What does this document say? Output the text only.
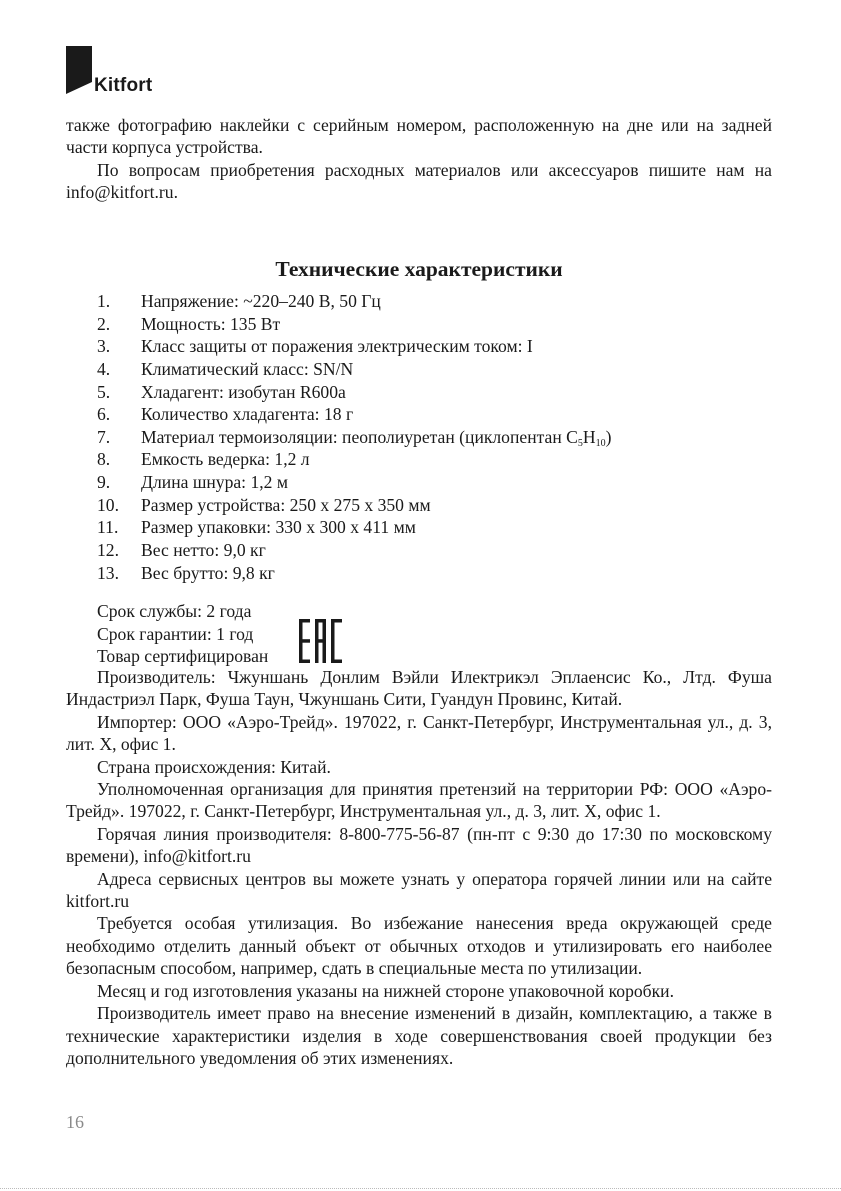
Kitfort

также фотографию наклейки с серийным номером, расположенную на дне или на задней части корпуса устройства.

По вопросам приобретения расходных материалов или аксессуаров пишите нам на info@kitfort.ru.

Технические характеристики
1. Напряжение: ~220–240 В, 50 Гц
2. Мощность: 135 Вт
3. Класс защиты от поражения электрическим током: I
4. Климатический класс: SN/N
5. Хладагент: изобутан R600a
6. Количество хладагента: 18 г
7. Материал термоизоляции: пеополиуретан (циклопентан $C_5H_{10}$)
8. Емкость ведерка: 1,2 л
9. Длина шнура: 1,2 м
10. Размер устройства: 250 х 275 х 350 мм
11. Размер упаковки: 330 х 300 х 411 мм
12. Вес нетто: 9,0 кг
13. Вес брутто: 9,8 кг
Срок службы: 2 года
Срок гарантии: 1 год
Товар сертифицирован

Производитель: Чжуншань Донлим Вэйли Илектрикэл Эплаенсис Ко., Лтд. Фуша Индастриэл Парк, Фуша Таун, Чжуншань Сити, Гуандун Провинс, Китай.

Импортер: ООО «Аэро-Трейд». 197022, г. Санкт-Петербург, Инструментальная ул., д. 3, лит. Х, офис 1.

Страна происхождения: Китай.

Уполномоченная организация для принятия претензий на территории РФ: ООО «Аэро-Трейд». 197022, г. Санкт-Петербург, Инструментальная ул., д. 3, лит. Х, офис 1.

Горячая линия производителя: 8-800-775-56-87 (пн-пт с 9:30 до 17:30 по московскому времени), info@kitfort.ru

Адреса сервисных центров вы можете узнать у оператора горячей линии или на сайте kitfort.ru

Требуется особая утилизация. Во избежание нанесения вреда окружающей среде необходимо отделить данный объект от обычных отходов и утилизировать его наиболее безопасным способом, например, сдать в специальные места по утилизации.

Месяц и год изготовления указаны на нижней стороне упаковочной коробки.

Производитель имеет право на внесение изменений в дизайн, комплектацию, а также в технические характеристики изделия в ходе совершенствования своей продукции без дополнительного уведомления об этих изменениях.

16
